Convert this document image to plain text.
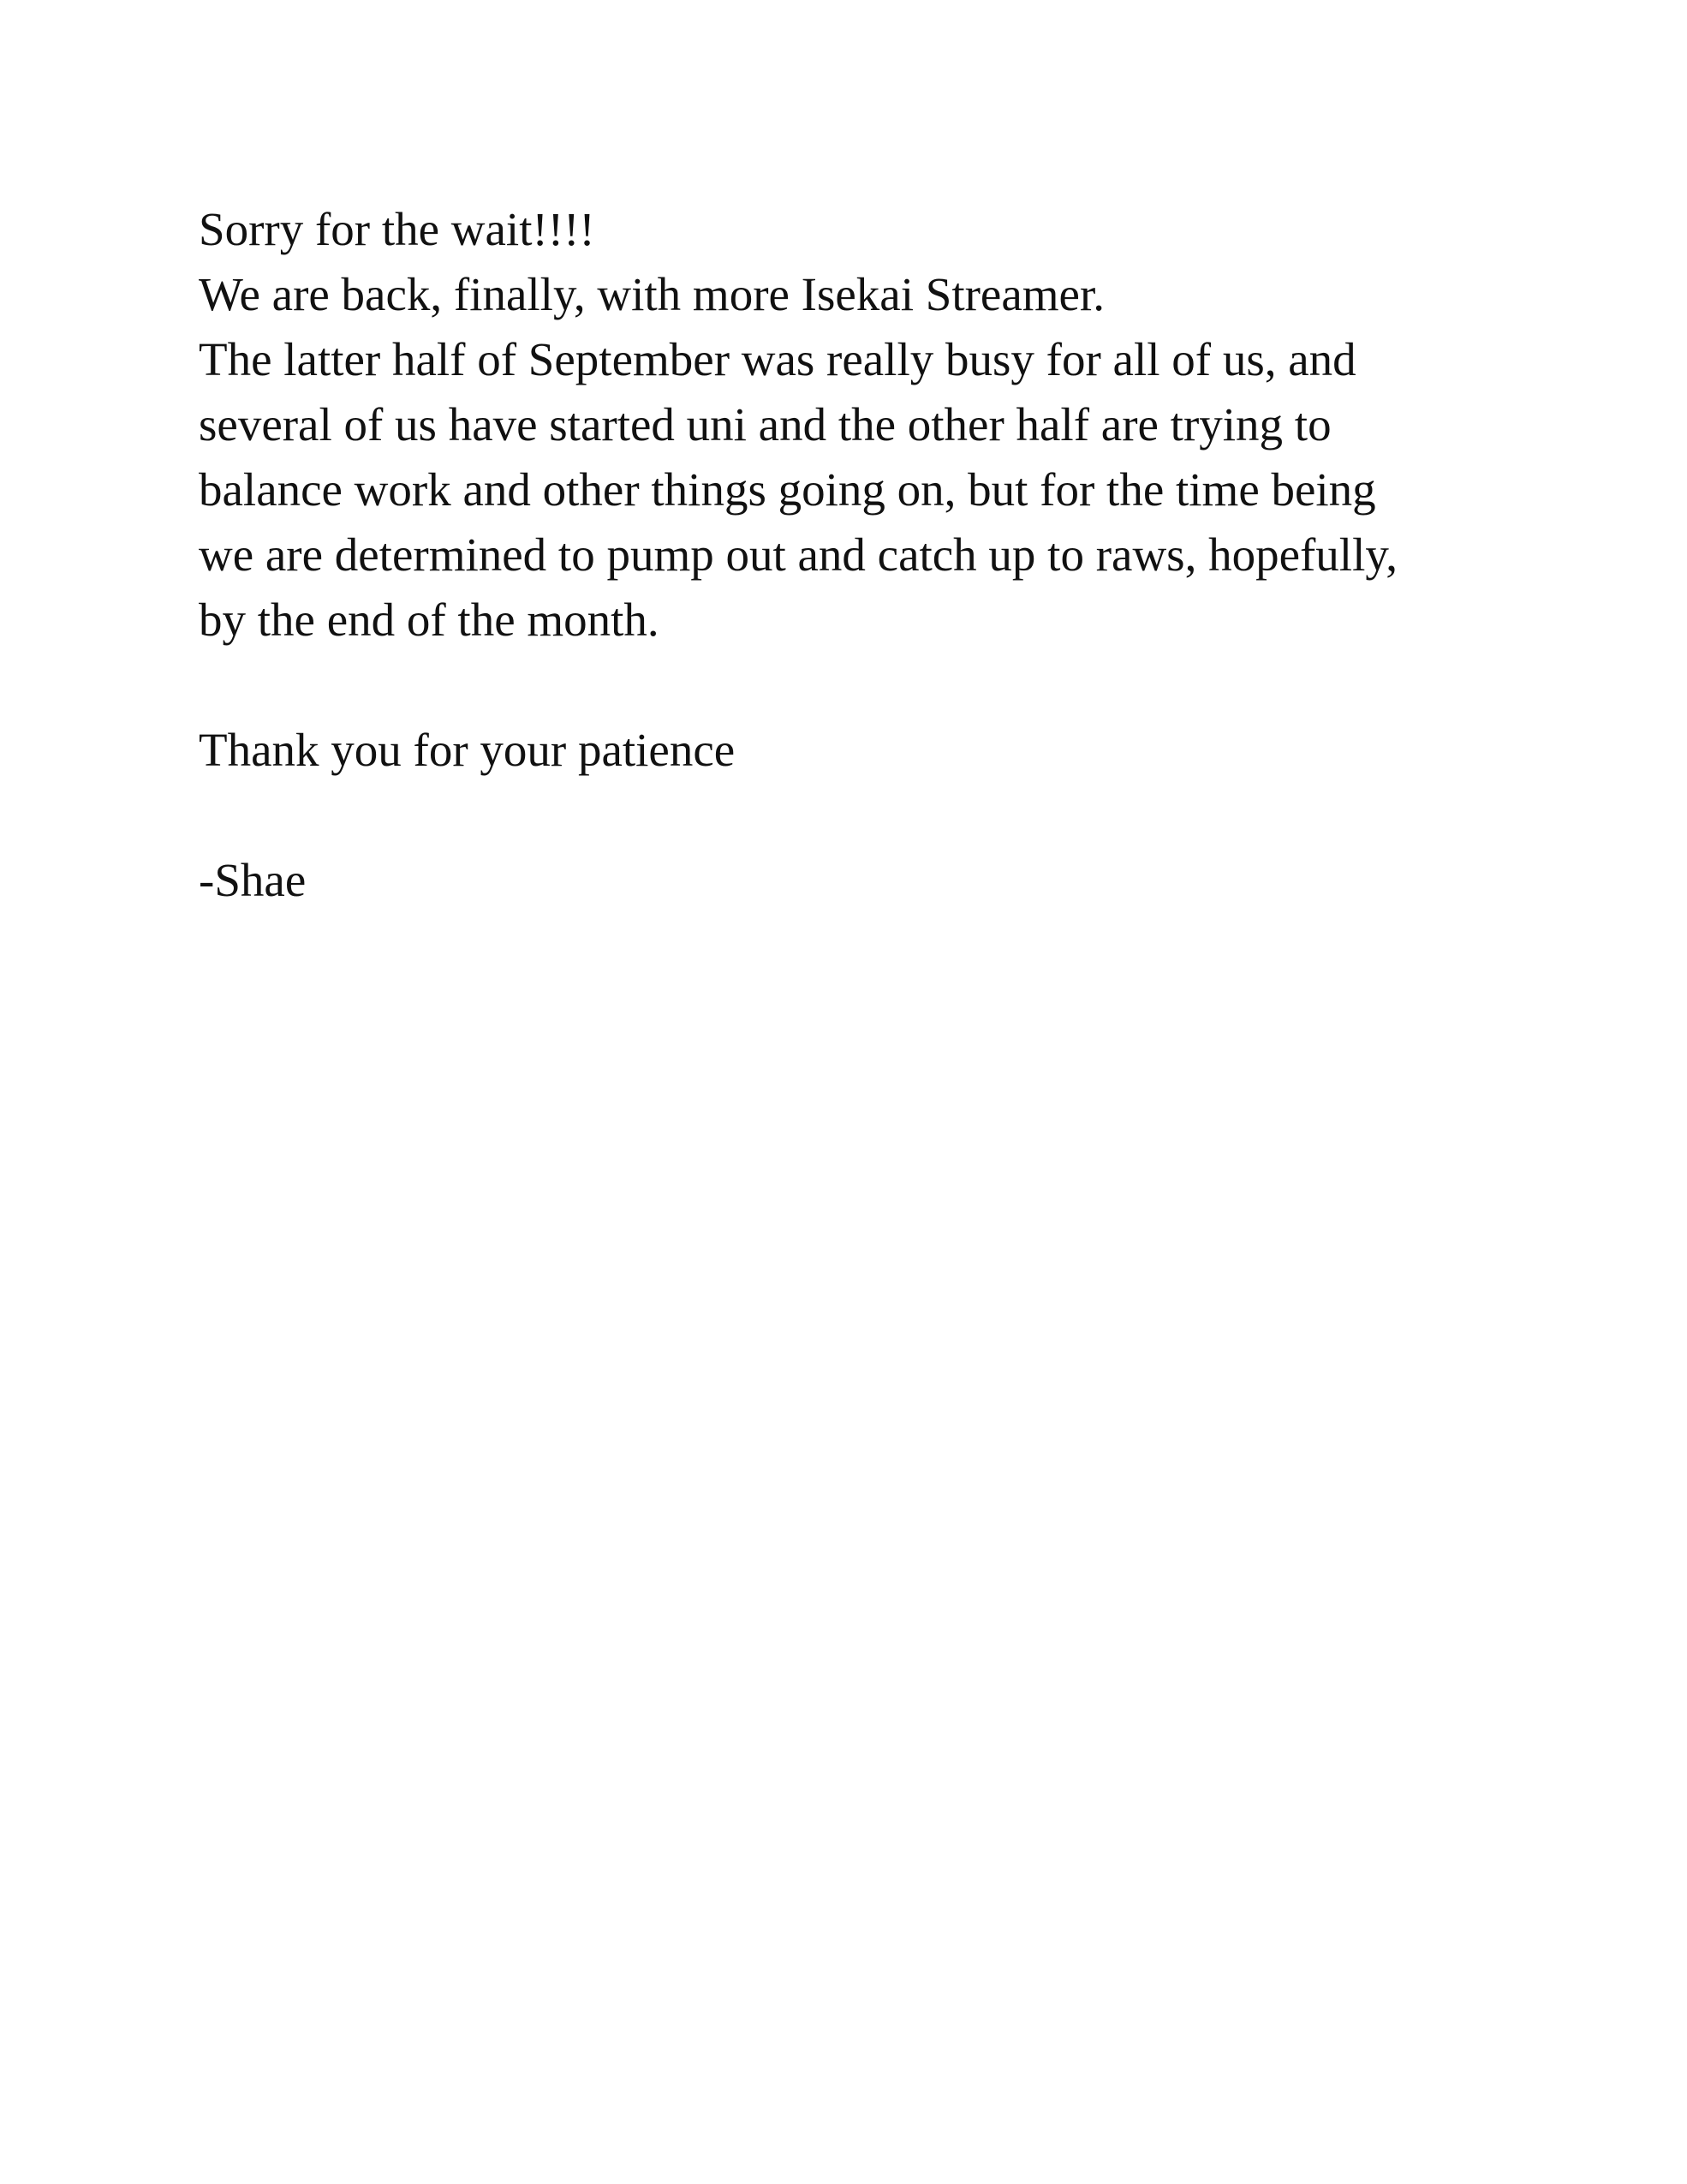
Sorry for the wait!!!!

We are back, finally, with more Isekai Streamer.

The latter half of September was really busy for all of us, and

several of us have started uni and the other half are trying to

balance work and other things going on, but for the time being

we are determined to pump out and catch up to raws, hopefully,

by the end of the month.

Thank you for your patience

-Shae
